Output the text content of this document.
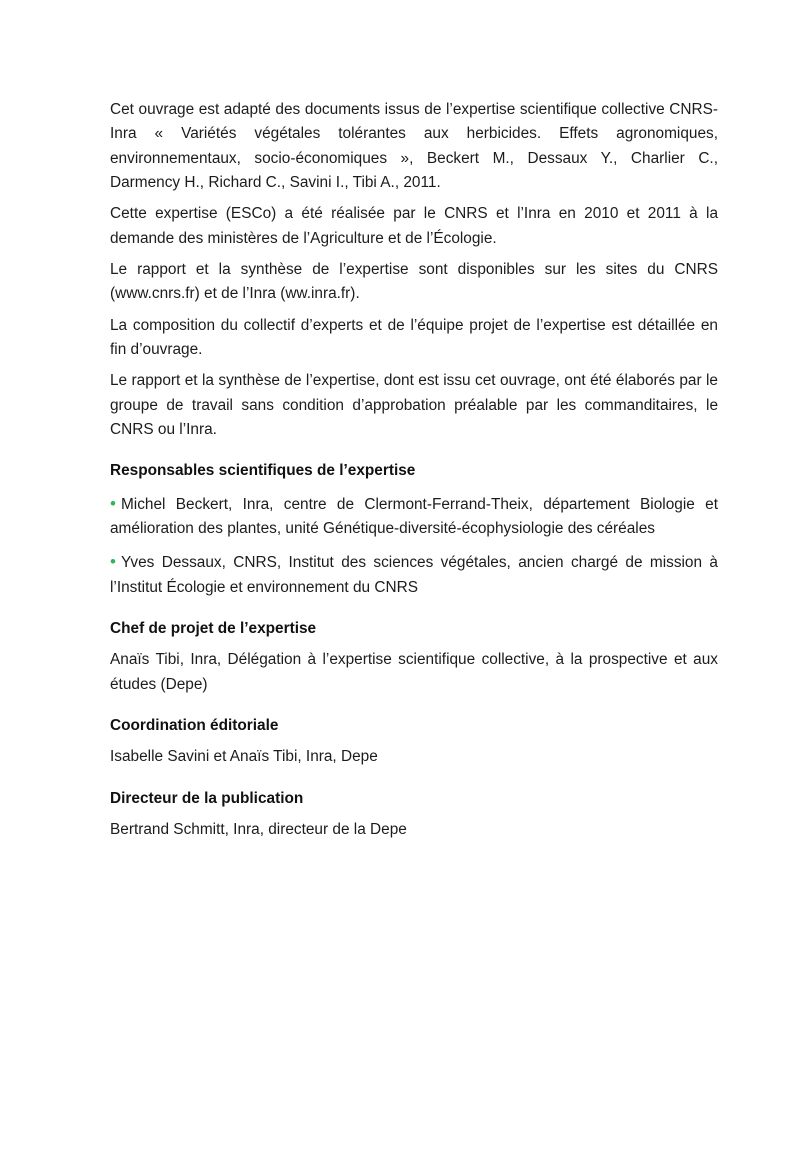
Cet ouvrage est adapté des documents issus de l’expertise scientifique collective CNRS-Inra « Variétés végétales tolérantes aux herbicides. Effets agronomiques, environnementaux, socio-économiques », Beckert M., Dessaux Y., Charlier C., Darmency H., Richard C., Savini I., Tibi A., 2011.

Cette expertise (ESCo) a été réalisée par le CNRS et l’Inra en 2010 et 2011 à la demande des ministères de l’Agriculture et de l’Écologie.

Le rapport et la synthèse de l’expertise sont disponibles sur les sites du CNRS (www.cnrs.fr) et de l’Inra (ww.inra.fr).

La composition du collectif d’experts et de l’équipe projet de l’expertise est détaillée en fin d’ouvrage.

Le rapport et la synthèse de l’expertise, dont est issu cet ouvrage, ont été élaborés par le groupe de travail sans condition d’approbation préalable par les commanditaires, le CNRS ou l’Inra.

Responsables scientifiques de l’expertise

• Michel Beckert, Inra, centre de Clermont-Ferrand-Theix, département Biologie et amélioration des plantes, unité Génétique-diversité-écophysiologie des céréales

• Yves Dessaux, CNRS, Institut des sciences végétales, ancien chargé de mission à l’Institut Écologie et environnement du CNRS

Chef de projet de l’expertise

Anaïs Tibi, Inra, Délégation à l’expertise scientifique collective, à la prospective et aux études (Depe)

Coordination éditoriale

Isabelle Savini et Anaïs Tibi, Inra, Depe

Directeur de la publication

Bertrand Schmitt, Inra, directeur de la Depe
